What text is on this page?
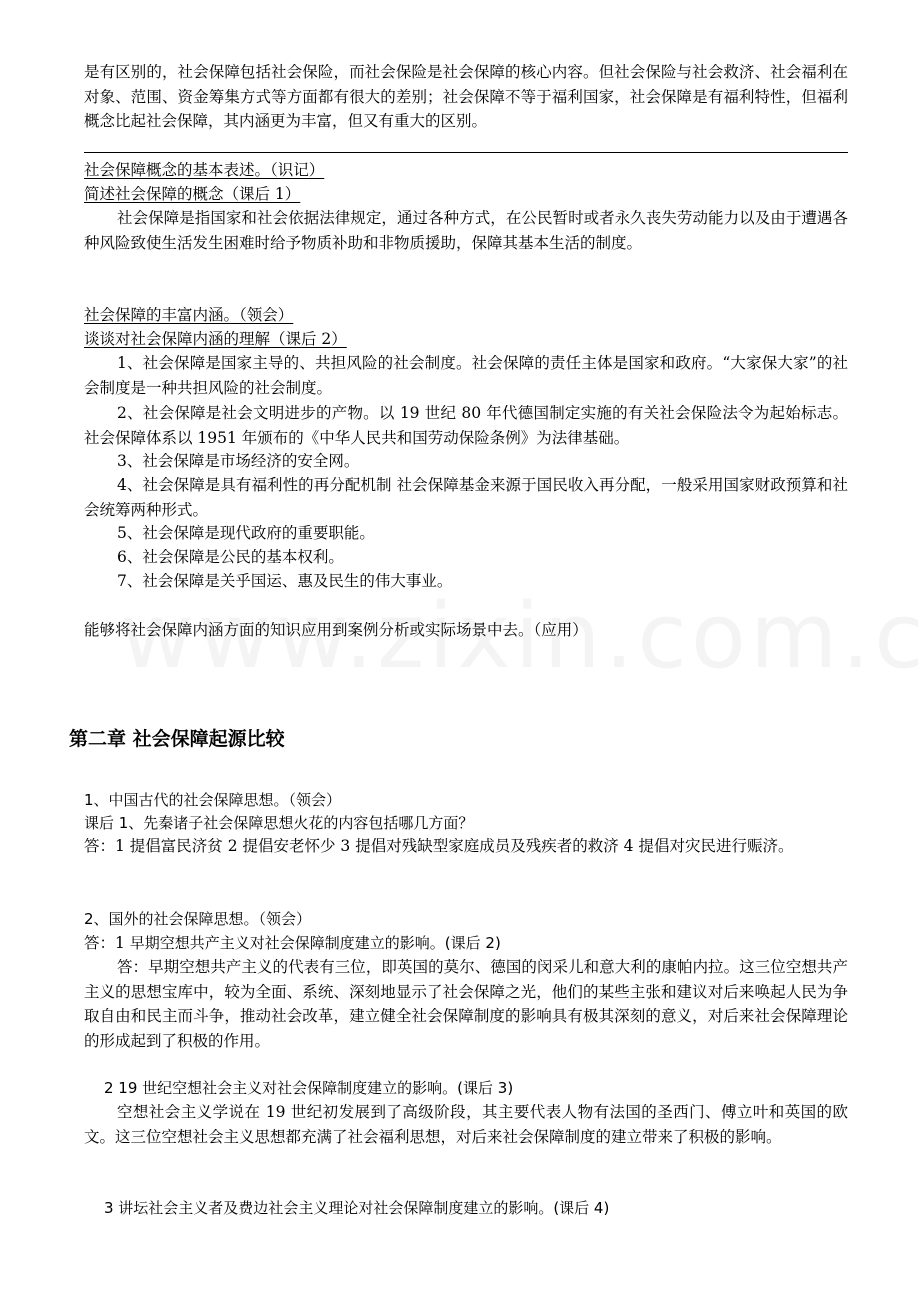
是有区别的，社会保障包括社会保险，而社会保险是社会保障的核心内容。但社会保险与社会救济、社会福利在对象、范围、资金筹集方式等方面都有很大的差别；社会保障不等于福利国家，社会保障是有福利特性，但福利概念比起社会保障，其内涵更为丰富，但又有重大的区别。

社会保障概念的基本表述。（识记）

简述社会保障的概念（课后 1）

社会保障是指国家和社会依据法律规定，通过各种方式，在公民暂时或者永久丧失劳动能力以及由于遭遇各种风险致使生活发生困难时给予物质补助和非物质援助，保障其基本生活的制度。

社会保障的丰富内涵。（领会）

谈谈对社会保障内涵的理解（课后 2）

1、社会保障是国家主导的、共担风险的社会制度。社会保障的责任主体是国家和政府。“大家保大家”的社会制度是一种共担风险的社会制度。

2、社会保障是社会文明进步的产物。以 19 世纪 80 年代德国制定实施的有关社会保险法令为起始标志。社会保障体系以 1951 年颁布的《中华人民共和国劳动保险条例》为法律基础。

3、社会保障是市场经济的安全网。

4、社会保障是具有福利性的再分配机制 社会保障基金来源于国民收入再分配，一般采用国家财政预算和社会统筹两种形式。

5、社会保障是现代政府的重要职能。

6、社会保障是公民的基本权利。

7、社会保障是关乎国运、惠及民生的伟大事业。

能够将社会保障内涵方面的知识应用到案例分析或实际场景中去。（应用）

第二章 社会保障起源比较

1、中国古代的社会保障思想。（领会）

课后 1、先秦诸子社会保障思想火花的内容包括哪几方面？

答：1 提倡富民济贫 2 提倡安老怀少 3 提倡对残缺型家庭成员及残疾者的救济 4 提倡对灾民进行赈济。

2、国外的社会保障思想。（领会）

答：1 早期空想共产主义对社会保障制度建立的影响。(课后 2)

答：早期空想共产主义的代表有三位，即英国的莫尔、德国的闵采儿和意大利的康帕内拉。这三位空想共产主义的思想宝库中，较为全面、系统、深刻地显示了社会保障之光，他们的某些主张和建议对后来唤起人民为争取自由和民主而斗争，推动社会改革，建立健全社会保障制度的影响具有极其深刻的意义，对后来社会保障理论的形成起到了积极的作用。

2 19 世纪空想社会主义对社会保障制度建立的影响。(课后 3)

空想社会主义学说在 19 世纪初发展到了高级阶段，其主要代表人物有法国的圣西门、傅立叶和英国的欧文。这三位空想社会主义思想都充满了社会福利思想，对后来社会保障制度的建立带来了积极的影响。

3 讲坛社会主义者及费边社会主义理论对社会保障制度建立的影响。(课后 4)
